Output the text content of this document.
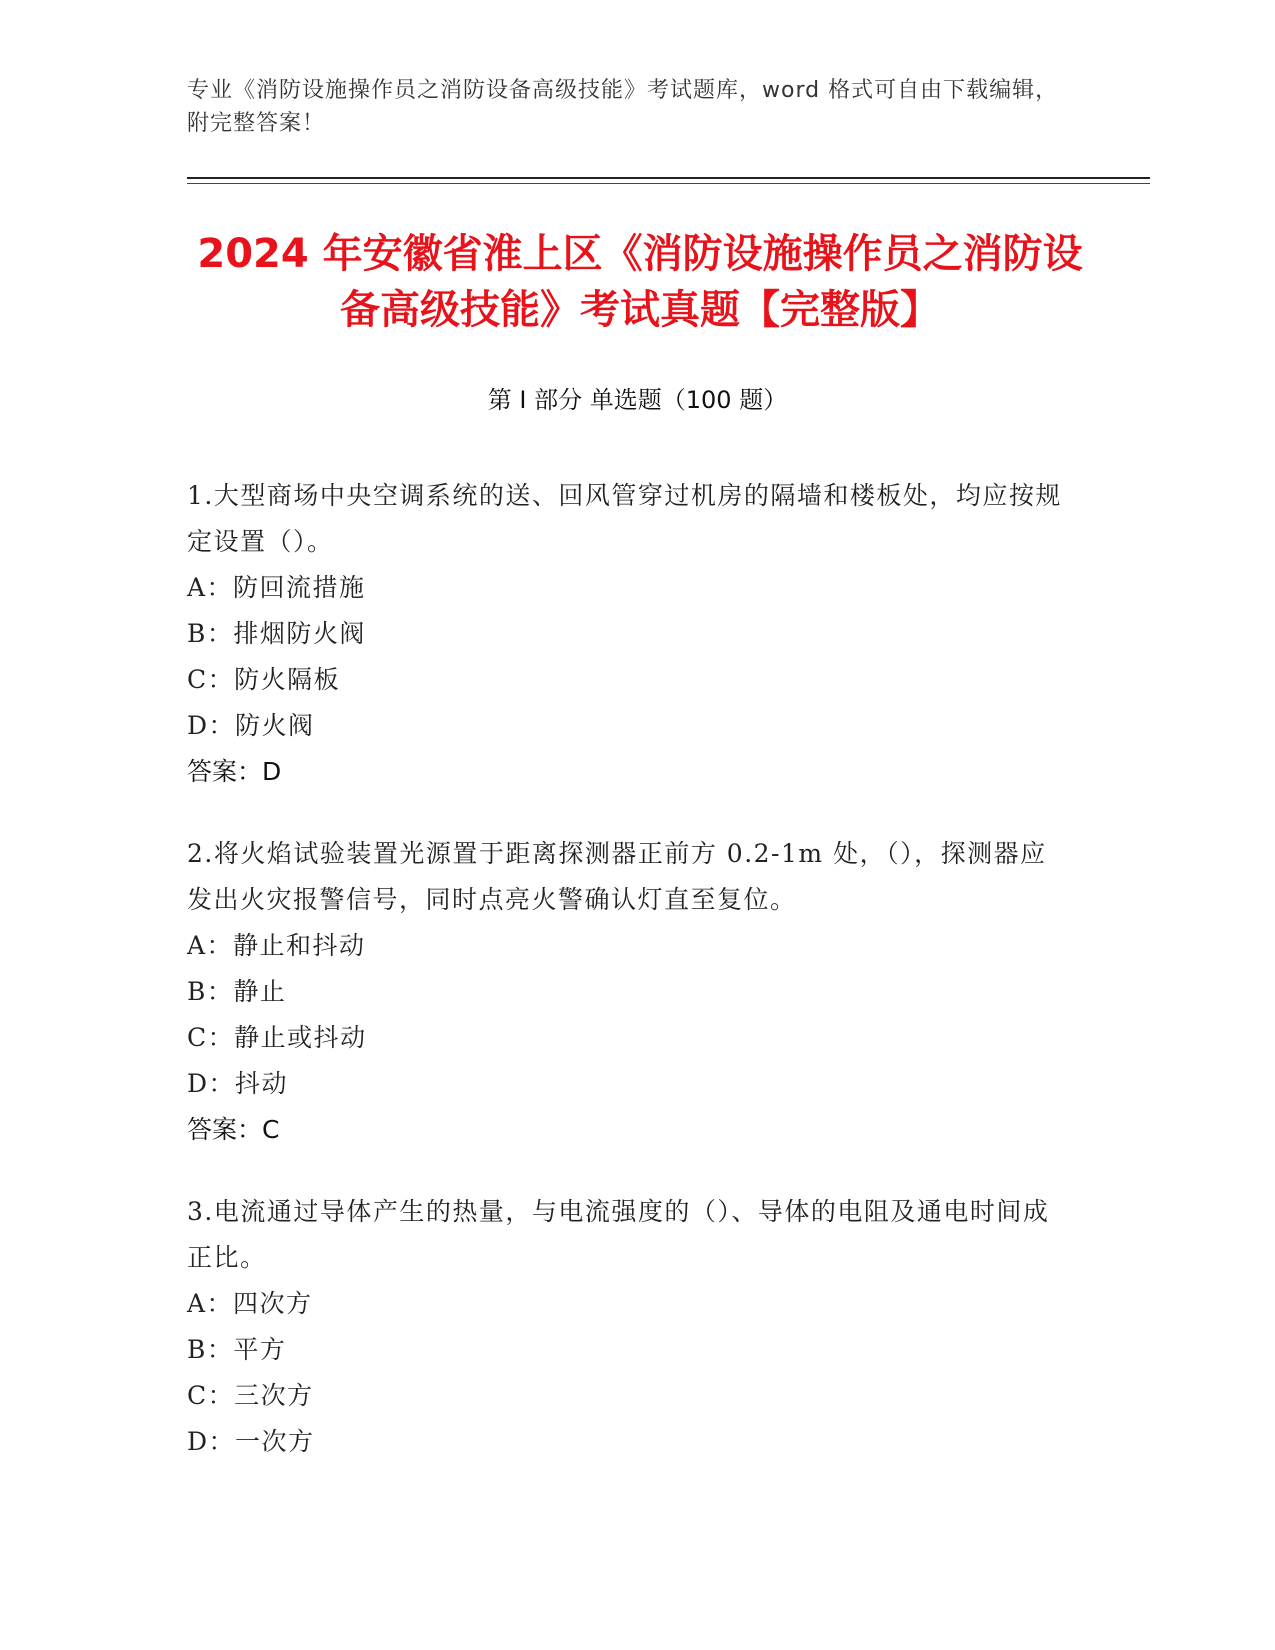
专业《消防设施操作员之消防设备高级技能》考试题库，word 格式可自由下载编辑，附完整答案！
2024 年安徽省淮上区《消防设施操作员之消防设备高级技能》考试真题【完整版】
第 I 部分 单选题（100 题）
1.大型商场中央空调系统的送、回风管穿过机房的隔墙和楼板处，均应按规定设置（）。
A：防回流措施
B：排烟防火阀
C：防火隔板
D：防火阀
答案：D
2.将火焰试验装置光源置于距离探测器正前方 0.2-1m 处，（），探测器应发出火灾报警信号，同时点亮火警确认灯直至复位。
A：静止和抖动
B：静止
C：静止或抖动
D：抖动
答案：C
3.电流通过导体产生的热量，与电流强度的（）、导体的电阻及通电时间成正比。
A：四次方
B：平方
C：三次方
D：一次方
